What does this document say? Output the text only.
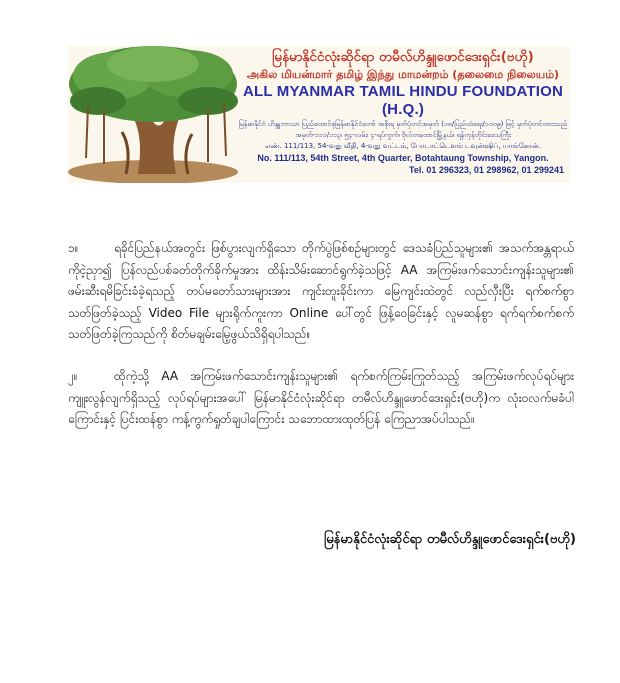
မြန်မာနိုင်ငံလုံးဆိုင်ရာ တမီလ်ဟိန္ဒူဖောင်ဒေးရှင်း(ဗဟို)
அகில மியன்மார் தமிழ் இந்து மாமன்றம் (தலைமை நிலையம்)
ALL MYANMAR TAMIL HINDU FOUNDATION (H.Q.)
မြန်မာနိုင်ငံ ဟိန္ဒူဘာသာ ပြည်ထောင်စုမြန်မာနိုင်ငံတော် အစိုးရ မှတ်ပုံတင်အမှတ် (၁၈/ပြည်ထဲရေး/၁၀၀၉) ဖြင့် မှတ်ပုံတင်ထားသည်
အမှတ်-၁၁၁/၁၁၃၊ ၅၄-လမ်း၊ ၄-ရပ်ကွက်၊ ဗိုလ်တထောင်မြို့နယ်၊ ရန်ကုန်တိုင်းဒေသကြီး
எண். 111/113, 54-வது வீதி, 4-வது வட்டம், போடாட்டௌங் டவுன்ஷிப், யாங்கோன்.
No. 111/113, 54th Street, 4th Quarter, Botahtaung Township, Yangon.
Tel. 01 296323, 01 298962, 01 299241
၁။	ရခိုင်ပြည်နယ်အတွင်း ဖြစ်ပွားလျက်ရှိသော တိုက်ပွဲဖြစ်စဉ်များတွင် ဒေသခံပြည်သူများ၏ အသက်အန္တရာယ်ကိုငဲ့ညှာ၍ ပြန်လည်ပစ်ခတ်တိုက်ခိုက်မှုအား ထိန်းသိမ်းဆောင်ရွက်ခဲ့သဖြင့် AA အကြမ်းဖက်သောင်းကျန်းသူများ၏ ဖမ်းဆီးရမိခြင်းခံခဲ့ရသည့် တပ်မတော်သားများအား ကျင်းတူးခိုင်းကာ မြေကျင်းထဲတွင် လည်လှီးပြီး ရက်စက်စွာ သတ်ဖြတ်ခဲ့သည့် Video File များရိုက်ကူးကာ Online ပေါ်တွင် ဖြန့်ဝေခြင်းနှင့် လူမဆန်စွာ ရက်ရက်စက်စက် သတ်ဖြတ်ခဲ့ကြသည်ကို စိတ်မချမ်းမြေ့ဖွယ်သိရှိရပါသည်။
၂။	ထိုကဲ့သို့ AA အကြမ်းဖက်သောင်းကျန်းသူများ၏ ရက်စက်ကြမ်းကြုတ်သည့် အကြမ်းဖက်လုပ်ရပ်များကျူးလွန်လျက်ရှိသည့် လုပ်ရပ်များအပေါ် မြန်မာနိုင်ငံလုံးဆိုင်ရာ တမီလ်ဟိန္ဒူဖောင်ဒေးရှင်း(ဗဟို)က လုံးဝလက်မခံပါကြောင်းနှင့် ပြင်းထန်စွာ ကန့်ကွက်ရှုတ်ချပါကြောင်း သဘောထားထုတ်ပြန် ကြေညာအပ်ပါသည်။
မြန်မာနိုင်ငံလုံးဆိုင်ရာ တမီလ်ဟိန္ဒူဖောင်ဒေးရှင်း(ဗဟို)
